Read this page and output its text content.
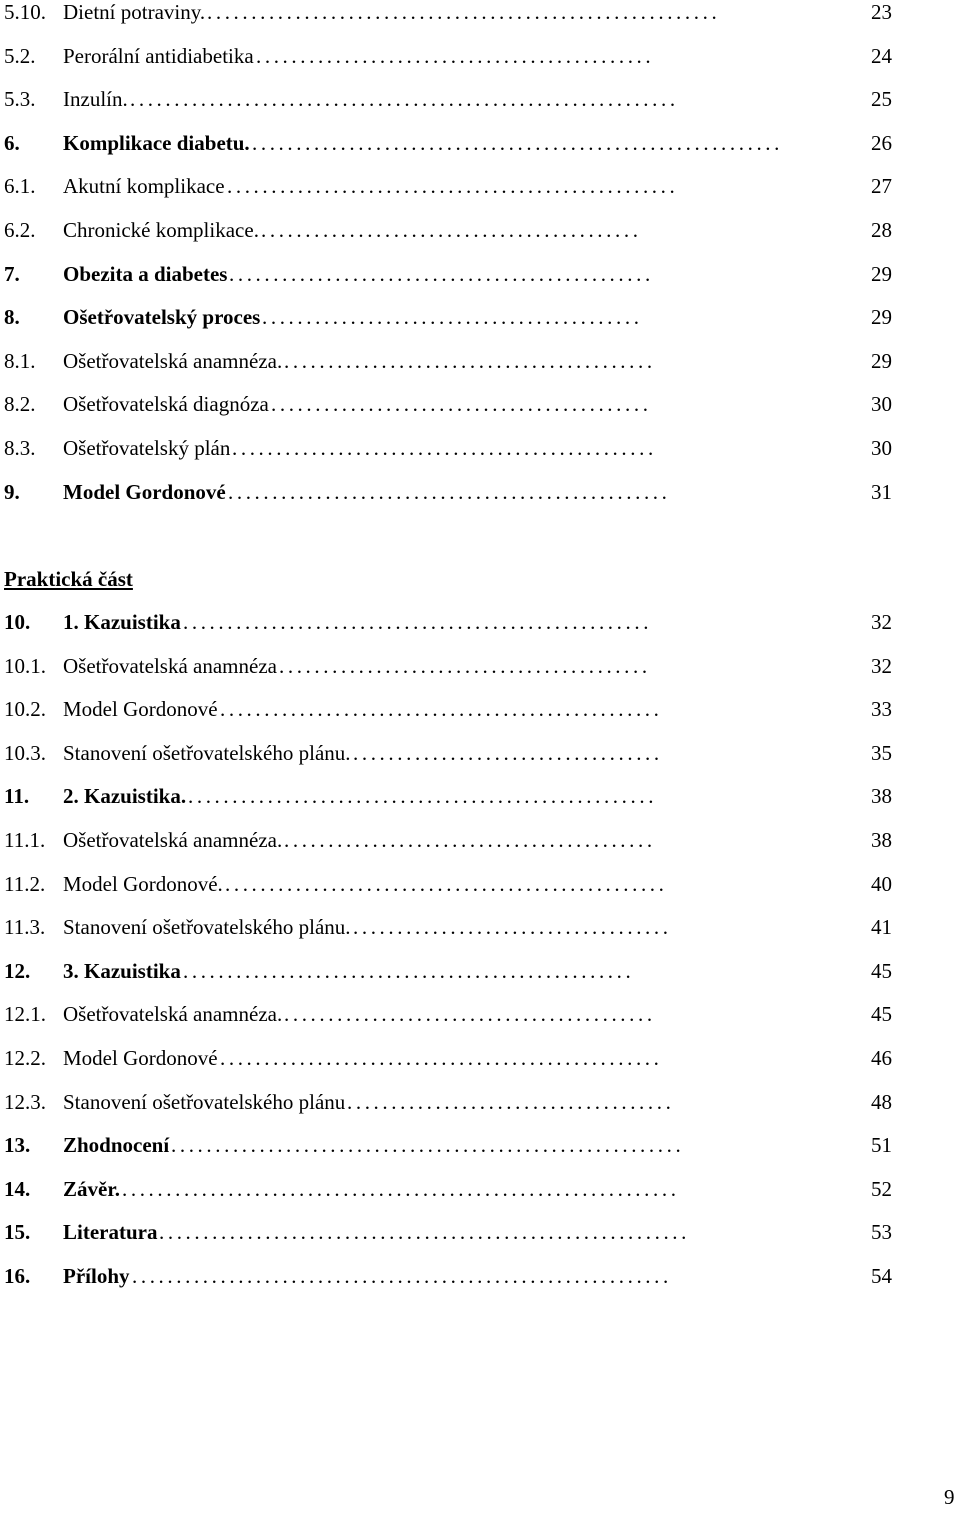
5.10. Dietní potraviny. ..........................................................	23
5.2. Perorální antidiabetika .............................................	24
5.3. Inzulín. ..............................................................	25
6. Komplikace diabetu. ............................................................	26
6.1. Akutní komplikace ...................................................	27
6.2. Chronické komplikace. ...........................................	28
7. Obezita a diabetes ................................................	29
8. Ošetřovatelský proces ...........................................	29
8.1. Ošetřovatelská anamnéza. ..........................................	29
8.2. Ošetřovatelská diagnóza ...........................................	30
8.3. Ošetřovatelský plán ................................................	30
9. Model Gordonové ..................................................	31
Praktická část
10. 1. Kazuistika .....................................................	32
10.1. Ošetřovatelská anamnéza ..........................................	32
10.2. Model Gordonové ..................................................	33
10.3. Stanovení ošetřovatelského plánu. ...................................	35
11. 2. Kazuistika. .....................................................	38
11.1. Ošetřovatelská anamnéza. ..........................................	38
11.2. Model Gordonové. ..................................................	40
11.3. Stanovení ošetřovatelského plánu. ....................................	41
12. 3. Kazuistika ...................................................	45
12.1. Ošetřovatelská anamnéza. ..........................................	45
12.2. Model Gordonové ..................................................	46
12.3. Stanovení ošetřovatelského plánu .....................................	48
13. Zhodnocení ..........................................................	51
14. Závěr. ...............................................................	52
15. Literatura ............................................................	53
16. Přílohy .............................................................	54
9
